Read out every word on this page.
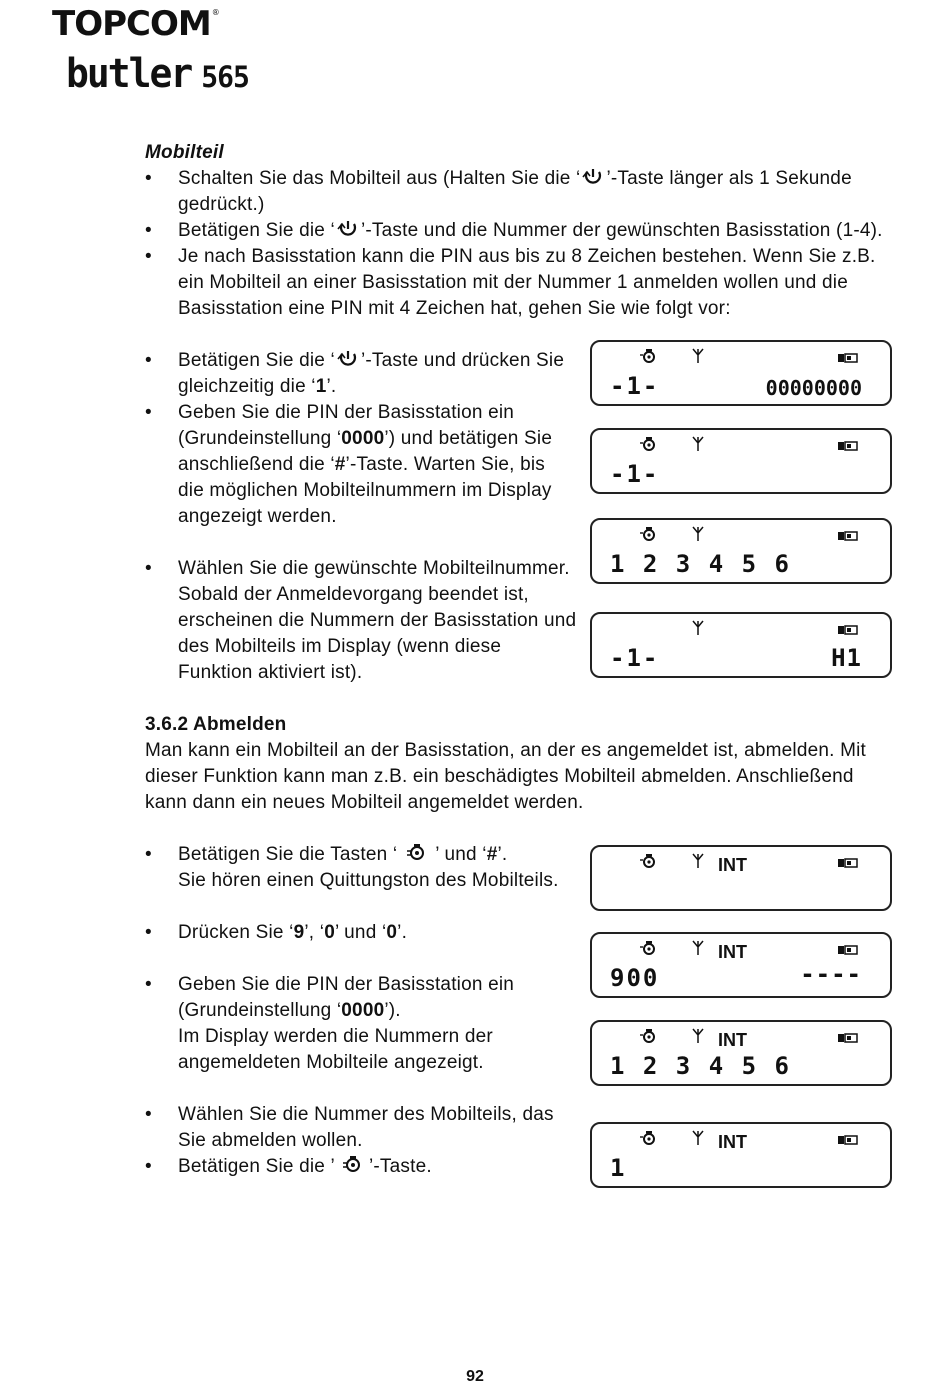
TOPCOM®
butler 565
Mobilteil
• Schalten Sie das Mobilteil aus (Halten Sie die ‘ ’-Taste länger als 1 Sekunde
gedrückt.)
• Betätigen Sie die ‘ ’-Taste und die Nummer der gewünschten Basisstation (1-4).
• Je nach Basisstation kann die PIN aus bis zu 8 Zeichen bestehen. Wenn Sie z.B.
ein Mobilteil an einer Basisstation mit der Nummer 1 anmelden wollen und die
Basisstation eine PIN mit 4 Zeichen hat, gehen Sie wie folgt vor:
• Betätigen Sie die ‘ ’-Taste und drücken Sie
gleichzeitig die ‘1’.
• Geben Sie die PIN der Basisstation ein
(Grundeinstellung ‘0000’) und betätigen Sie
anschließend die ‘#’-Taste. Warten Sie, bis
die möglichen Mobilteilnummern im Display
angezeigt werden.
• Wählen Sie die gewünschte Mobilteilnummer.
Sobald der Anmeldevorgang beendet ist,
erscheinen die Nummern der Basisstation und
des Mobilteils im Display (wenn diese
Funktion aktiviert ist).
3.6.2 Abmelden
Man kann ein Mobilteil an der Basisstation, an der es angemeldet ist, abmelden. Mit
dieser Funktion kann man z.B. ein beschädigtes Mobilteil abmelden. Anschließend
kann dann ein neues Mobilteil angemeldet werden.
• Betätigen Sie die Tasten ‘ ’ und ‘#’.
Sie hören einen Quittungston des Mobilteils.
• Drücken Sie ‘9’, ‘0’ und ‘0’.
• Geben Sie die PIN der Basisstation ein
(Grundeinstellung ‘0000’).
Im Display werden die Nummern der
angemeldeten Mobilteile angezeigt.
• Wählen Sie die Nummer des Mobilteils, das
Sie abmelden wollen.
• Betätigen Sie die ’ ’-Taste.
-1-	00000000
-1-
1 2 3 4 5 6
-1-	H1
INT
INT
900	----
INT
1 2 3 4 5 6
INT
1
92
